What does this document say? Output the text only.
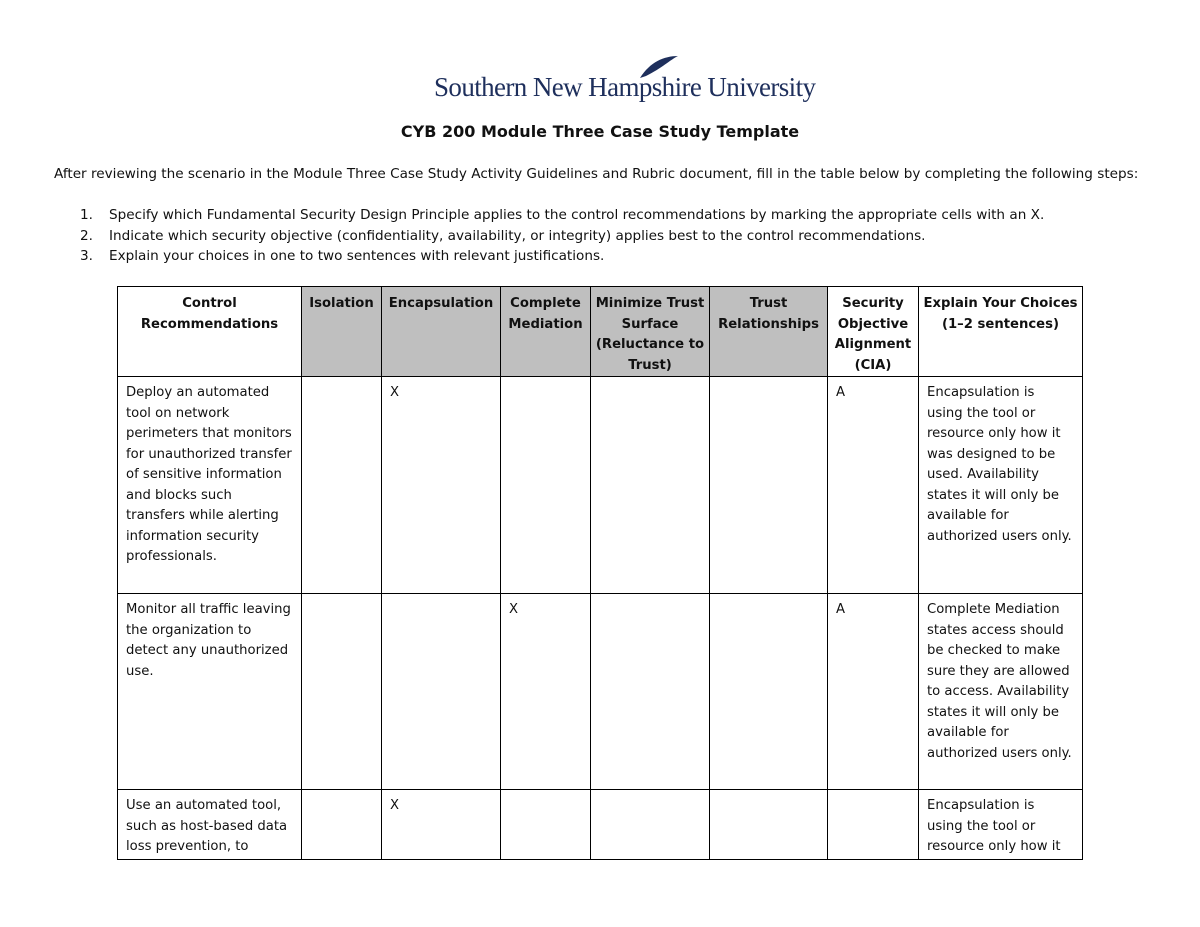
Southern New Hampshire University
CYB 200 Module Three Case Study Template
After reviewing the scenario in the Module Three Case Study Activity Guidelines and Rubric document, fill in the table below by completing the following steps:
1.	Specify which Fundamental Security Design Principle applies to the control recommendations by marking the appropriate cells with an X.
2.	Indicate which security objective (confidentiality, availability, or integrity) applies best to the control recommendations.
3.	Explain your choices in one to two sentences with relevant justifications.
Control Recommendations	Isolation	Encapsulation	Complete Mediation	Minimize Trust Surface (Reluctance to Trust)	Trust Relationships	Security Objective Alignment (CIA)	Explain Your Choices
(1–2 sentences)

Deploy an automated tool on network perimeters that monitors for unauthorized transfer of sensitive information and blocks such transfers while alerting information security professionals.		X				A	Encapsulation is using the tool or resource only how it was designed to be used. Availability states it will only be available for authorized users only.
Monitor all traffic leaving the organization to detect any unauthorized use.			X			A	Complete Mediation states access should be checked to make sure they are allowed to access. Availability states it will only be available for authorized users only.

Use an automated tool, such as host-based data loss prevention, to		X					Encapsulation is using the tool or resource only how it
